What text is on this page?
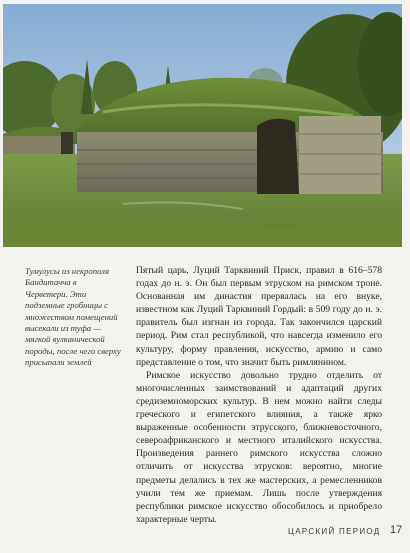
Тумулусы из некрополя Бандитачча в Черветери. Эти подземные гробницы с множеством помещений высекали из туфа — мягкой вулканической породы, после чего сверху присыпали землей

Пятый царь, Луций Тарквиний Приск, правил в 616–578 годах до н. э. Он был первым этруском на римском троне. Основанная им династия прервалась на его внуке, известном как Луций Тарквиний Гордый: в 509 году до н. э. правитель был изгнан из города. Так закончился царский период. Рим стал республикой, что навсегда изменило его культуру, форму правления, искусство, армию и само представление о том, что значит быть римлянином.

Римское искусство довольно трудно отделить от многочисленных заимствований и адаптаций других средиземноморских культур. В нем можно найти следы греческого и египетского влияния, а также ярко выраженные особенности этрусского, ближневосточного, североафриканского и местного италийского искусства. Произведения раннего римского искусства сложно отличить от искусства этрусков: вероятно, многие предметы делались в тех же мастерских, а ремесленников учили тем же приемам. Лишь после утверждения республики римское искусство обособилось и приобрело характерные черты.

ЦАРСКИЙ ПЕРИОД 17
